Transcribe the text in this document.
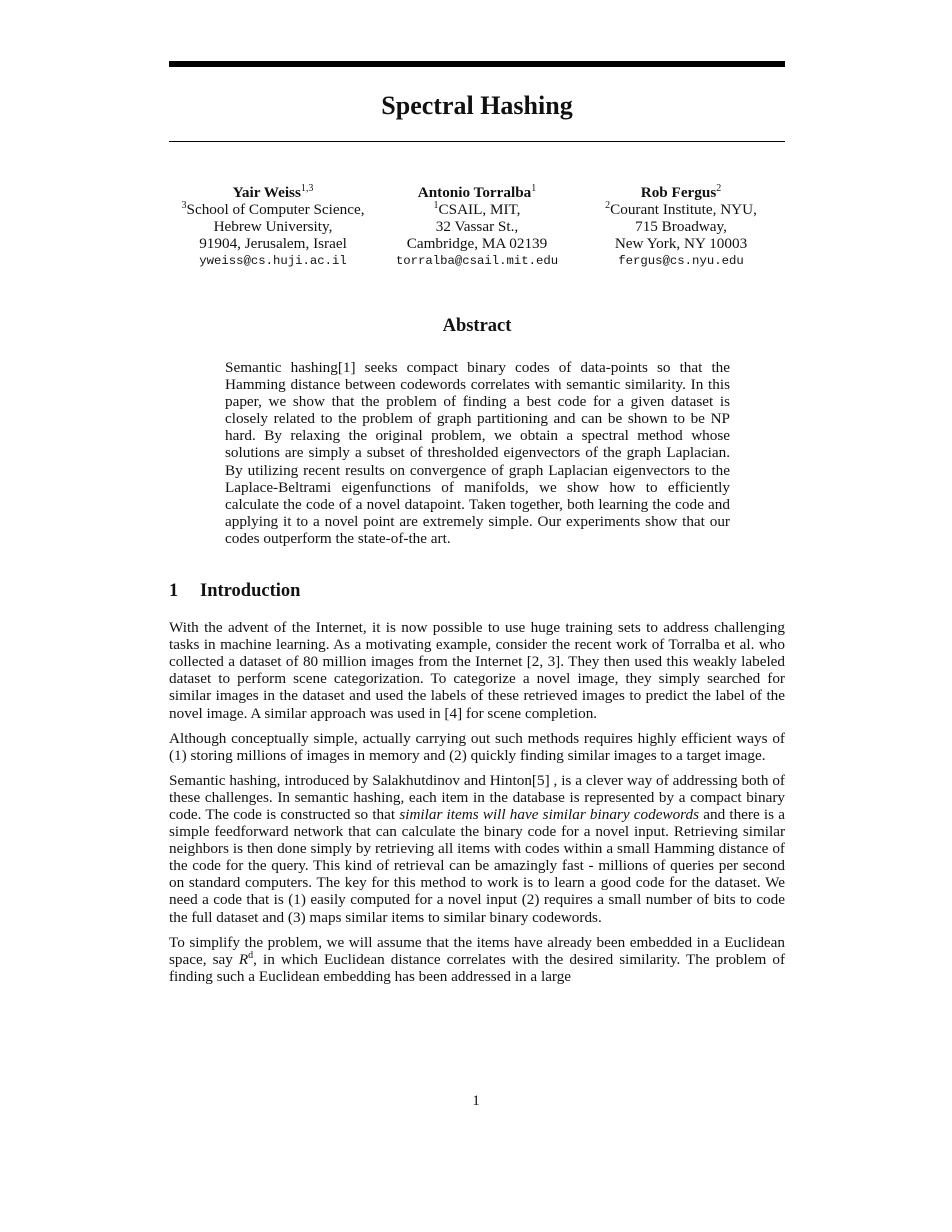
Spectral Hashing
Yair Weiss$^{1,3}$
$^3$School of Computer Science,
Hebrew University,
91904, Jerusalem, Israel
yweiss@cs.huji.ac.il
Antonio Torralba$^1$
$^1$CSAIL, MIT,
32 Vassar St.,
Cambridge, MA 02139
torralba@csail.mit.edu
Rob Fergus$^2$
$^2$Courant Institute, NYU,
715 Broadway,
New York, NY 10003
fergus@cs.nyu.edu
Abstract
Semantic hashing[1] seeks compact binary codes of data-points so that the Hamming distance between codewords correlates with semantic similarity. In this paper, we show that the problem of finding a best code for a given dataset is closely related to the problem of graph partitioning and can be shown to be NP hard. By relaxing the original problem, we obtain a spectral method whose solutions are simply a subset of thresholded eigenvectors of the graph Laplacian. By utilizing recent results on convergence of graph Laplacian eigenvectors to the Laplace-Beltrami eigenfunctions of manifolds, we show how to efficiently calculate the code of a novel datapoint. Taken together, both learning the code and applying it to a novel point are extremely simple. Our experiments show that our codes outperform the state-of-the art.
1 Introduction

With the advent of the Internet, it is now possible to use huge training sets to address challenging tasks in machine learning. As a motivating example, consider the recent work of Torralba et al. who collected a dataset of 80 million images from the Internet [2, 3]. They then used this weakly labeled dataset to perform scene categorization. To categorize a novel image, they simply searched for similar images in the dataset and used the labels of these retrieved images to predict the label of the novel image. A similar approach was used in [4] for scene completion.

Although conceptually simple, actually carrying out such methods requires highly efficient ways of (1) storing millions of images in memory and (2) quickly finding similar images to a target image.

Semantic hashing, introduced by Salakhutdinov and Hinton[5] , is a clever way of addressing both of these challenges. In semantic hashing, each item in the database is represented by a compact binary code. The code is constructed so that similar items will have similar binary codewords and there is a simple feedforward network that can calculate the binary code for a novel input. Retrieving similar neighbors is then done simply by retrieving all items with codes within a small Hamming distance of the code for the query. This kind of retrieval can be amazingly fast - millions of queries per second on standard computers. The key for this method to work is to learn a good code for the dataset. We need a code that is (1) easily computed for a novel input (2) requires a small number of bits to code the full dataset and (3) maps similar items to similar binary codewords.

To simplify the problem, we will assume that the items have already been embedded in a Euclidean space, say $R^d$, in which Euclidean distance correlates with the desired similarity. The problem of finding such a Euclidean embedding has been addressed in a large

1
